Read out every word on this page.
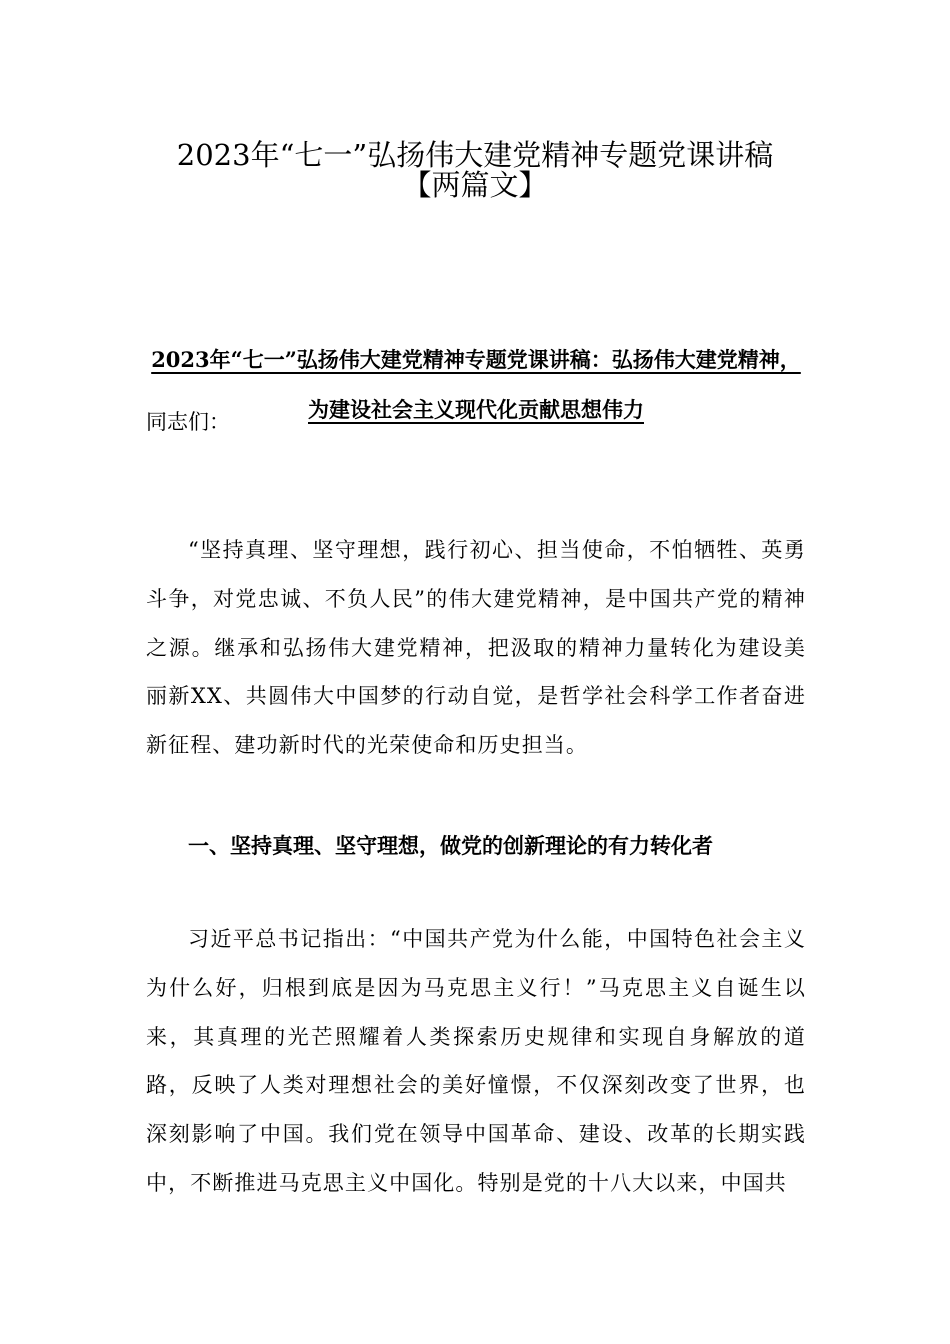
2023年“七一”弘扬伟大建党精神专题党课讲稿
【两篇文】
2023年“七一”弘扬伟大建党精神专题党课讲稿：弘扬伟大建党精神，为建设社会主义现代化贡献思想伟力

同志们：

“坚持真理、坚守理想，践行初心、担当使命，不怕牺牲、英勇斗争，对党忠诚、不负人民”的伟大建党精神，是中国共产党的精神之源。继承和弘扬伟大建党精神，把汲取的精神力量转化为建设美丽新XX、共圆伟大中国梦的行动自觉，是哲学社会科学工作者奋进新征程、建功新时代的光荣使命和历史担当。

一、坚持真理、坚守理想，做党的创新理论的有力转化者

习近平总书记指出：“中国共产党为什么能，中国特色社会主义为什么好，归根到底是因为马克思主义行！”马克思主义自诞生以来，其真理的光芒照耀着人类探索历史规律和实现自身解放的道路，反映了人类对理想社会的美好憧憬，不仅深刻改变了世界，也深刻影响了中国。我们党在领导中国革命、建设、改革的长期实践中，不断推进马克思主义中国化。特别是党的十八大以来，中国共
